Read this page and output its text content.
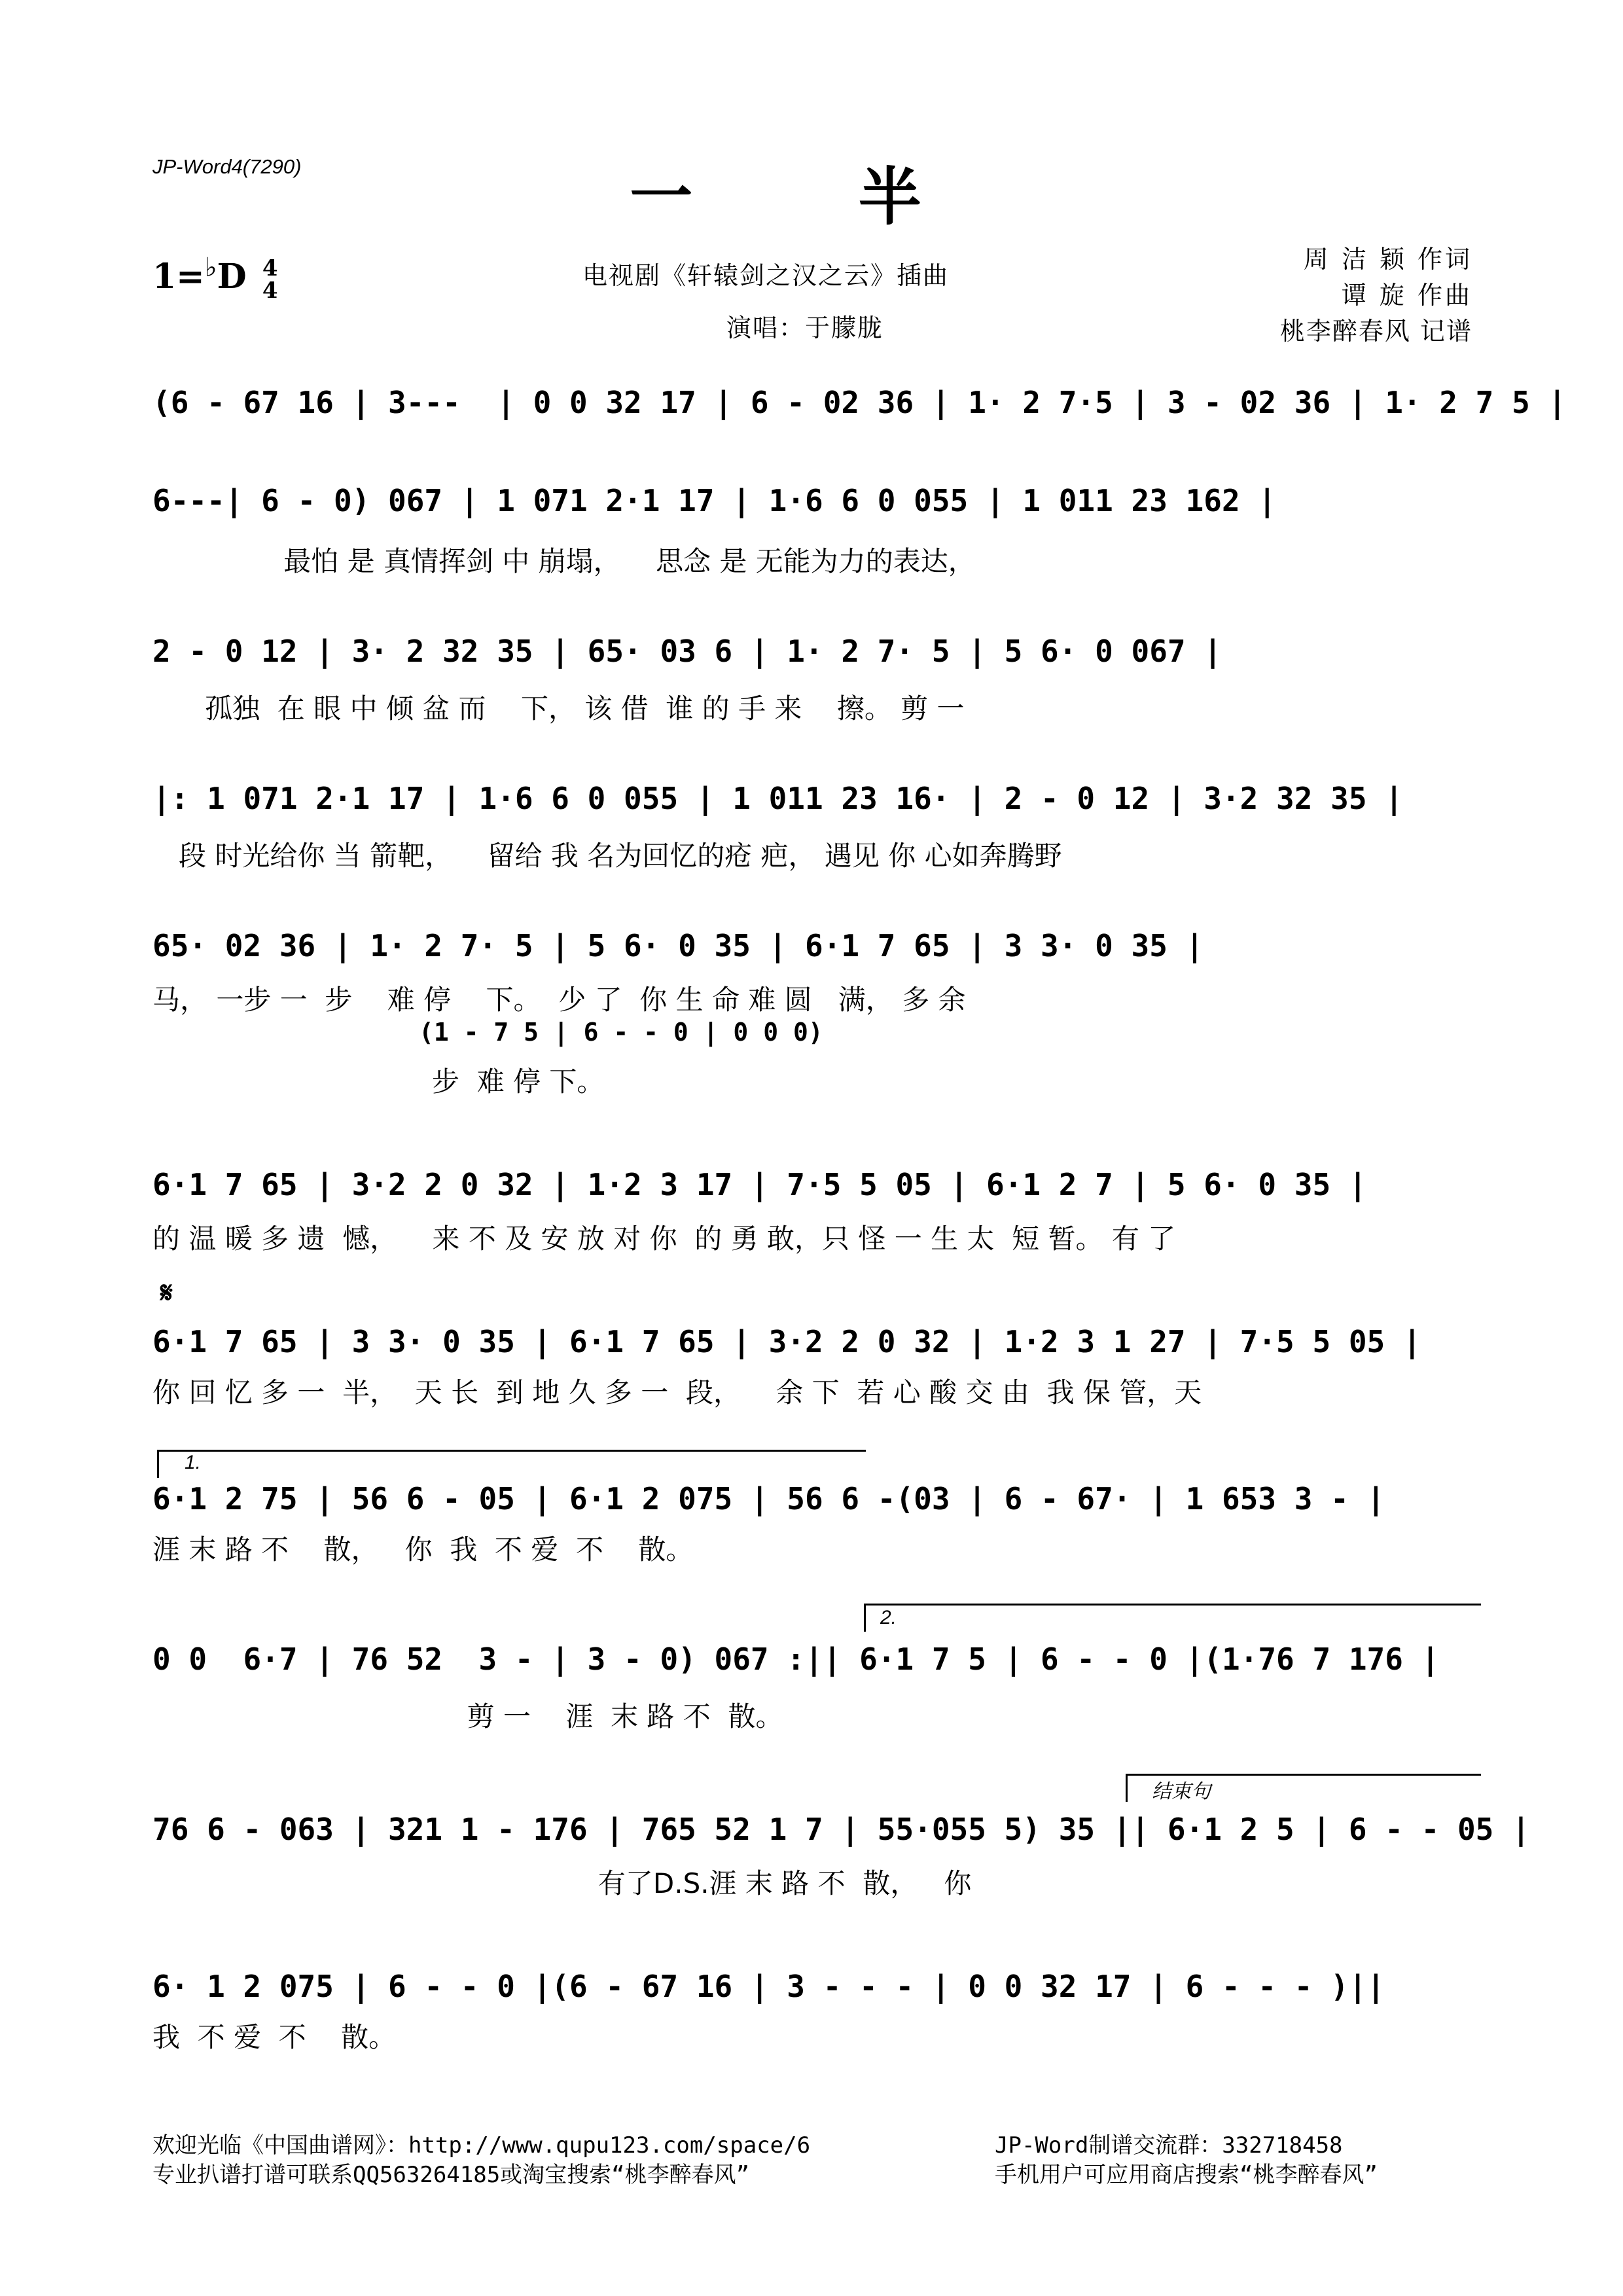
JP-Word4(7290)	一 半
1=♭D 4
4
电视剧《轩辕剑之汉之云》插曲
演唱：于朦胧
周 洁 颖 作词
谭 旋 作曲
桃李醉春风 记谱
(6 - 67 16 | 3---  | 0 0 32 17 | 6 - 02 36 | 1· 2 7·5 | 3 - 02 36 | 1· 2 7 5 |
6---| 6 - 0) 067 | 1 071 2·1 17 | 1·6 6 0 055 | 1 011 23 162 |
最怕 是 真情挥剑 中 崩塌，    思念 是 无能为力的表达，
2 - 0 12 | 3· 2 32 35 | 65· 03 6 | 1· 2 7· 5 | 5 6· 0 067 |
孤独  在 眼 中 倾 盆 而    下， 该 借  谁 的 手 来    擦。 剪 一
|: 1 071 2·1 17 | 1·6 6 0 055 | 1 011 23 16· | 2 - 0 12 | 3·2 32 35 |
段 时光给你 当 箭靶，    留给 我 名为回忆的疮 疤， 遇见 你 心如奔腾野
65· 02 36 | 1· 2 7· 5 | 5 6· 0 35 | 6·1 7 65 | 3 3· 0 35 |
马， 一步 一  步    难 停    下。  少 了  你 生 命 难 圆   满， 多 余
(1 - 7 5 | 6 - - 0 | 0 0 0)
步  难 停 下。
6·1 7 65 | 3·2 2 0 32 | 1·2 3 17 | 7·5 5 05 | 6·1 2 7 | 5 6· 0 35 |
的 温 暖 多 遗  憾，    来 不 及 安 放 对 你  的 勇 敢，只 怪 一 生 太  短 暂。 有 了
𝄋
6·1 7 65 | 3 3· 0 35 | 6·1 7 65 | 3·2 2 0 32 | 1·2 3 1 27 | 7·5 5 05 |
你 回 忆 多 一  半，  天 长  到 地 久 多 一  段，    余 下  若 心 酸 交 由  我 保 管，天
1.
6·1 2 75 | 56 6 - 05 | 6·1 2 075 | 56 6 -(03 | 6 - 67· | 1 653 3 - |
涯 末 路 不    散，   你  我  不 爱  不    散。
2.
0 0  6·7 | 76 52  3 - | 3 - 0) 067 :|| 6·1 7 5 | 6 - - 0 |(1·76 7 176 |
剪 一    涯  末 路 不  散。
结束句
76 6 - 063 | 321 1 - 176 | 765 52 1 7 | 55·055 5) 35 || 6·1 2 5 | 6 - - 05 |
有了D.S.涯 末 路 不  散，   你
6· 1 2 075 | 6 - - 0 |(6 - 67 16 | 3 - - - | 0 0 32 17 | 6 - - - )||
我  不 爱  不    散。
欢迎光临《中国曲谱网》：http://www.qupu123.com/space/6
专业扒谱打谱可联系QQ563264185或淘宝搜索“桃李醉春风”
JP-Word制谱交流群：332718458
手机用户可应用商店搜索“桃李醉春风”
